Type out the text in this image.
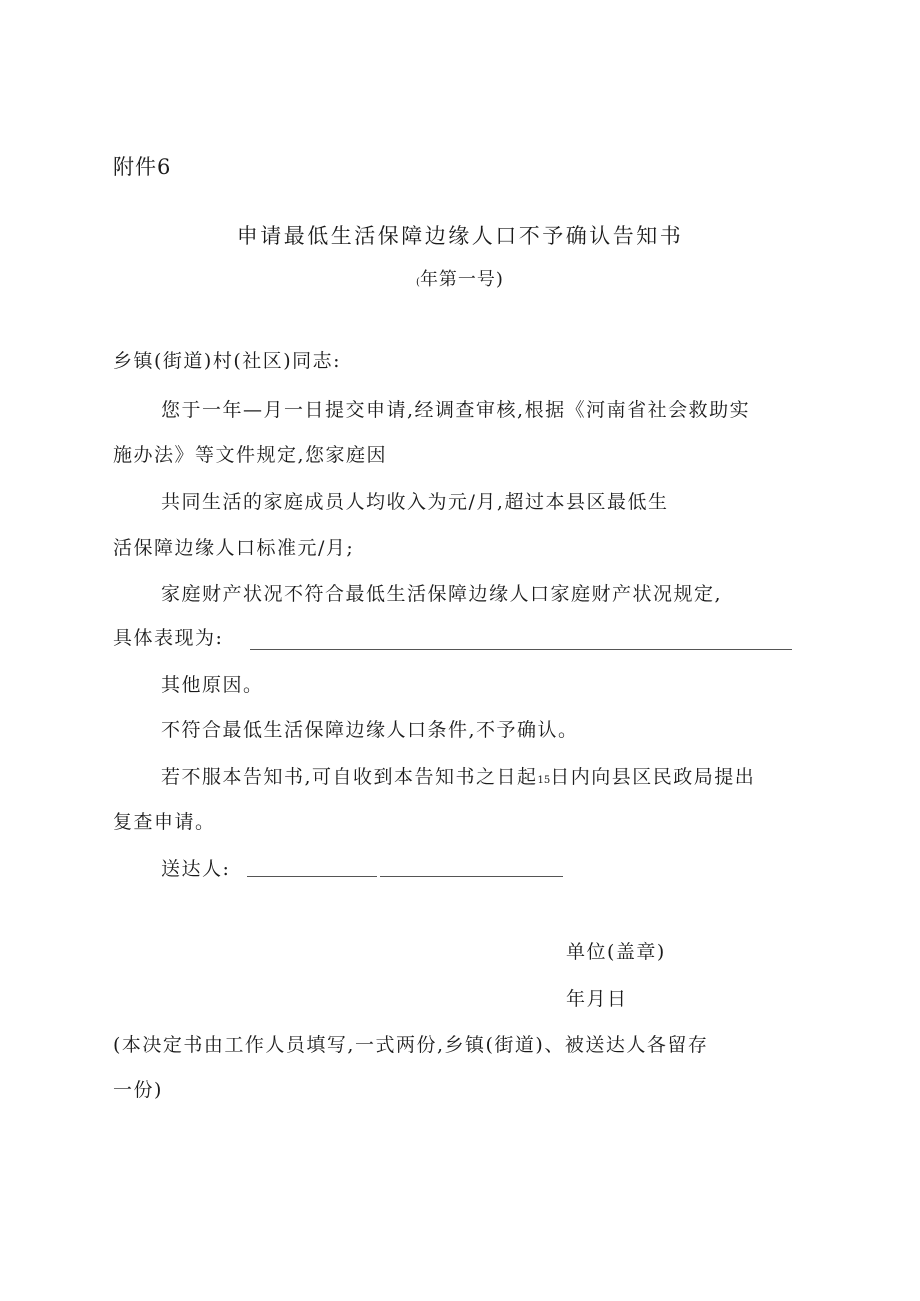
附件6
申请最低生活保障边缘人口不予确认告知书
(年第一号)
乡镇(街道)村(社区)同志:
您于一年—月一日提交申请,经调查审核,根据《河南省社会救助实
施办法》等文件规定,您家庭因
共同生活的家庭成员人均收入为元/月,超过本县区最低生
活保障边缘人口标准元/月;
家庭财产状况不符合最低生活保障边缘人口家庭财产状况规定,
具体表现为:
其他原因。
不符合最低生活保障边缘人口条件,不予确认。
若不服本告知书,可自收到本告知书之日起15日内向县区民政局提出
复查申请。
送达人:
单位(盖章)
年月日
(本决定书由工作人员填写,一式两份,乡镇(街道)、被送达人各留存
一份)
